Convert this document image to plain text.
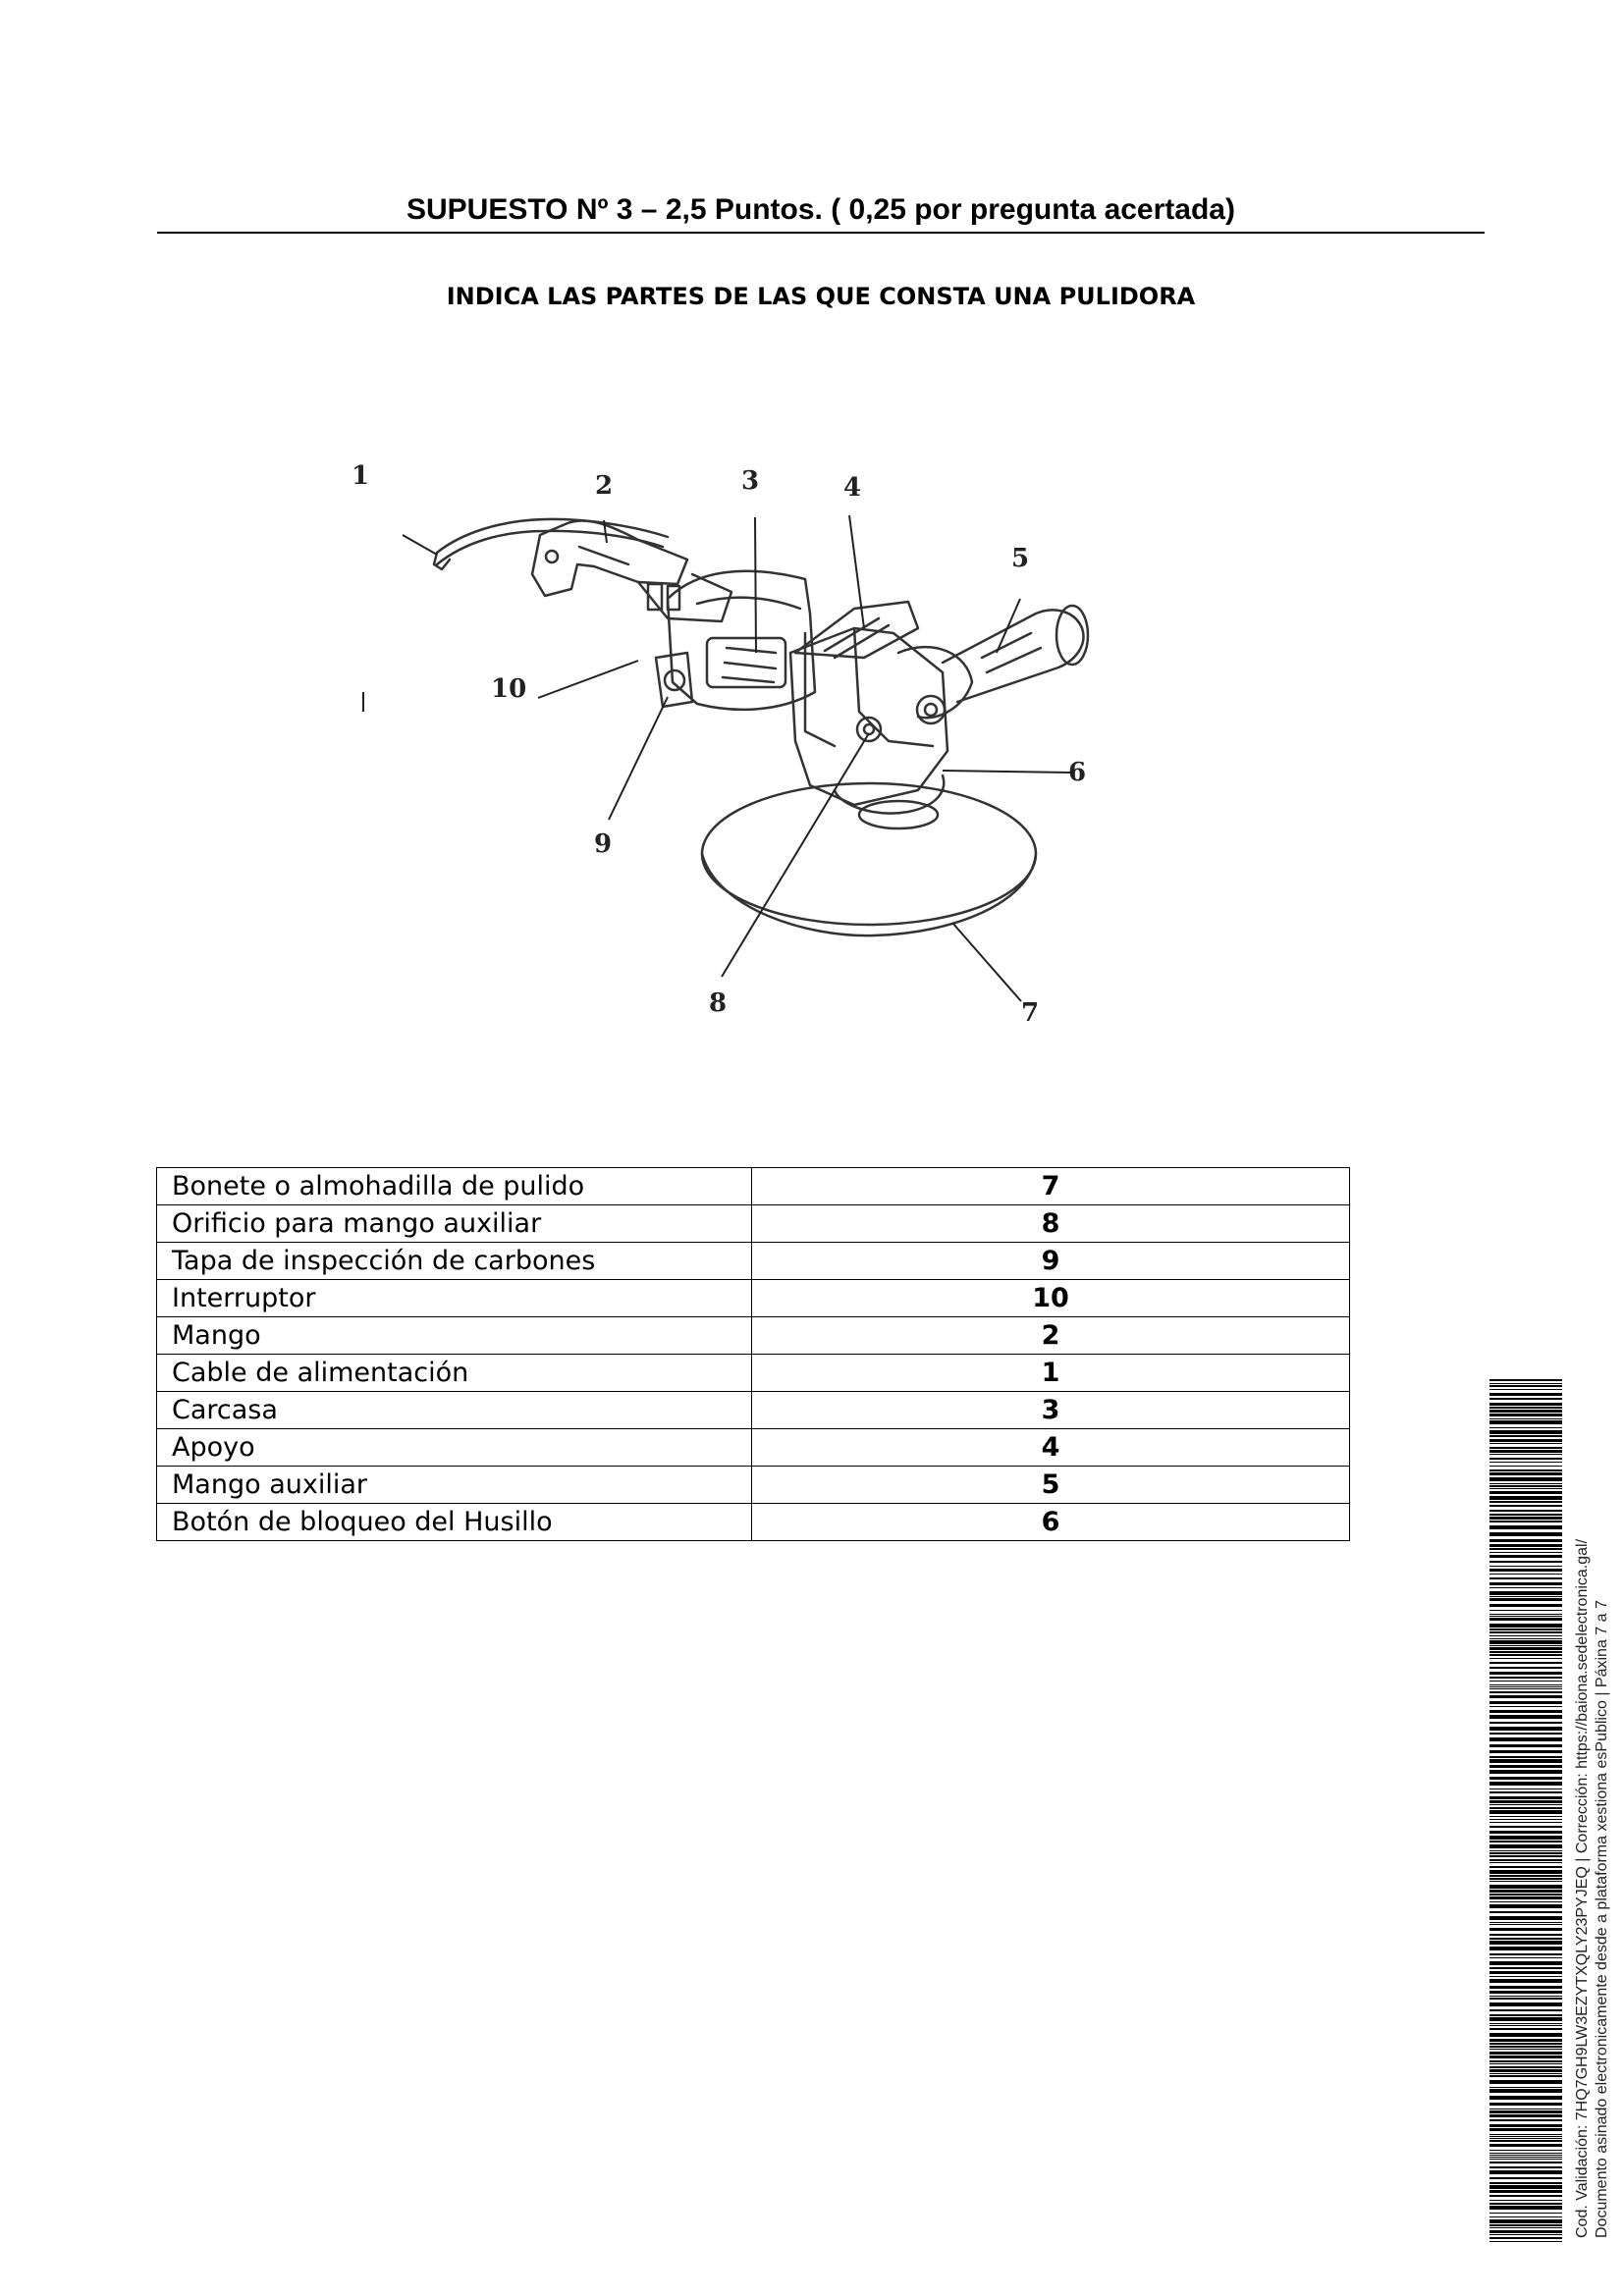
SUPUESTO Nº 3 – 2,5 Puntos. ( 0,25 por pregunta acertada)
INDICA LAS PARTES DE LAS QUE CONSTA UNA PULIDORA
1	2	3	4
5
6
7
8
9
10
Bonete o almohadilla de pulido	7
Orificio para mango auxiliar	8
Tapa de inspección de carbones	9
Interruptor	10
Mango	2
Cable de alimentación	1
Carcasa	3
Apoyo	4
Mango auxiliar	5
Botón de bloqueo del Husillo	6
Cod. Validación: 7HQ7GH9LW3EZYTXQLY23PYJEQ | Corrección: https://baiona.sedelectronica.gal/ Documento asinado electronicamente desde a plataforma xestiona esPublico | Páxina 7 a 7
